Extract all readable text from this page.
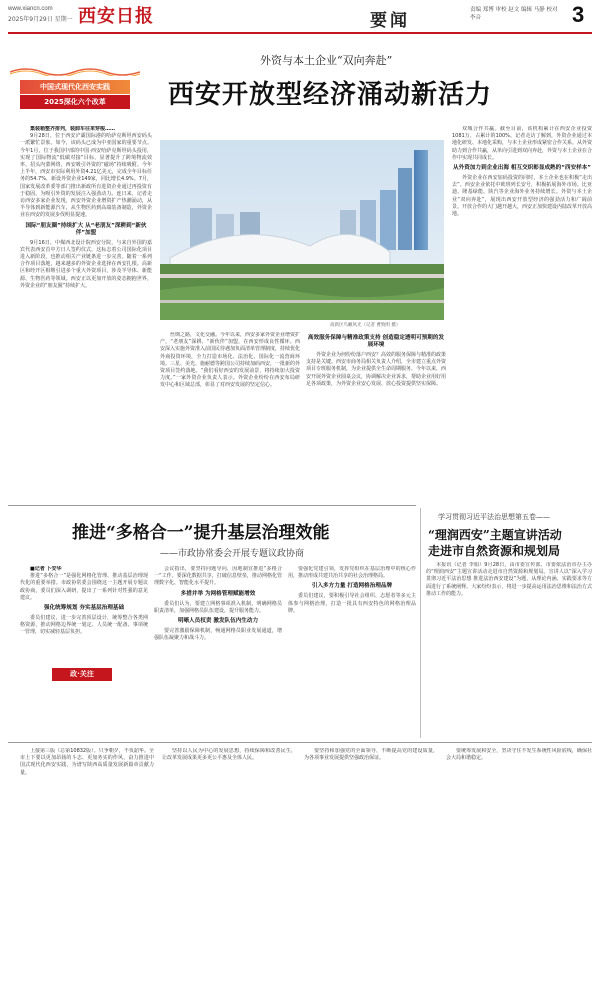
www.xiancn.com
2025年9月29日 星期一 西安日报	要闻
责编 郑博 审校 赵文 编辑 马静 校对 李音	3
中国式现代化西安实践
2025深化六个改革
外资与本土企业“双向奔赴”
西安开放型经济涌动新活力

集装箱整齐排列，装卸车往来穿梭……

9月28日，位于西安浐灞国际港的哈萨克斯坦西安码头一派繁忙景象。如今，该码头已成为中亚国家的重要节点。今年1月，位于我国中部的中国·西安哈萨克斯坦码头投用，实现了国际物流“低碳对接”目标，显著提升了跨境物流效率。招头内蒙网络，西安吸引外资的“磁场”持续吸附。今年上半年，西安市实际利用外资4.21亿美元，完成全年目标任务的54.7%，新设外资企业149家，同比增长4.9%。7月，国家发展改革委等部门推出新政所有进资企业通过再投资有于稳固。为吸引外资的发展注入强劲动力。连日来，记者走访西安多家企业发现，西安外资企业增资扩产热潮涌动，从半导体到新能源汽车，从生物医药到高端装备制造，外资企业在西安的发展步伐明显提速。

国际“朋友圈”持续扩大 从“老朋友”深耕到“新伙伴”加盟

9月16日，中煤西北设计院西安分院，与来自外国的嘉宾代表西安首中方日人签约仪式，这标志着公司国际化项目进入新阶段，也推动相关产业链条进一步完善。随着一系列合作项目落地，越来越多的外资企业选择在西安扎根。高新区和经开区相继引进多个重大外资项目，涉及半导体、新能源、生物医药等领域。西安正以更加开放的姿态拥抱世界，外资企业的“朋友圈”持续扩大。

高新区鸟瞰风光（记者 曹致明 摄）

双城合作共赢。截至目前，该机构累计在西安企业投资1081万，占累计的100%。记者走访了解到，外资企业通过本地化研发、本地化采购，与本土企业形成紧密合作关系。从外资助力到合作共赢，从单向引进到双向奔赴，外资与本土企业在合作中实现共同成长。

从外资加力到企业出海 相互交织彰显成熟的“西安样本”

外资企业在西安加码投资的同时，本土企业也在积极“走出去”。西安企业依托中欧班列长安号，积极拓展海外市场。比亚迪、隆基绿能、陕汽等企业海外业务持续增长。外资与本土企业“双向奔赴”，展现出西安开放型经济的强劲活力和广阔前景。开放合作的大门越开越大，西安正加快建设内陆改革开放高地。

丝绸之路，文化交融。今年以来，西安多家外资企业增资扩产，“老朋友”深耕、“新伙伴”加盟，在西安形成良性循环。西安深入实施外资准入前国民待遇加负面清单管理制度，持续优化外商投资环境，全力打造市场化、法治化、国际化一流营商环境。三星、美光、施耐德等跨国公司持续加码西安，一批新的外资项目签约落地。“我们看好西安的发展前景，将持续加大投资力度。”一家外资企业负责人表示。外资企业纷纷在西安布局研发中心和区域总部，彰显了对西安发展的坚定信心。

高效服务保障与精准政策支持 创造稳定透明可预期的发展环境

外资企业为何纷纷落户西安？高效的服务保障与精准的政策支持是关键。西安市商务局相关负责人介绍，全市建立重点外资项目专班服务机制，为企业提供全生命周期服务。今年以来，西安开展外资企业圆桌会议，协调解决企业诉求，帮助企业用好用足各项政策，为外资企业安心发展、放心投资提供坚实保障。

推进“多格合一”提升基层治理效能
——市政协常委会开展专题议政协商

■记者 卜安华

推进“多格合一”是强化网格化管理、推动基层治理现代化的重要举措。市政协常委会围绕这一主题开展专题议政协商，委员们深入调研，提出了一系列针对性强的意见建议。

强化统筹规划 夯实基层治理基础

委员们建议，进一步完善顶层设计，统筹整合各类网格资源，推动网格边界统一划定、人员统一配备、事项统一管理，切实减轻基层负担。

政·关注

会议指出，要坚持问题导向，因地制宜推进“多格合一”工作。要深化数据共享，打破信息壁垒，推动网格化管理数字化、智能化水平提升。

多措并举 为网格管理赋能增效

委员们认为，要建立网格事项准入机制，明确网格员职责清单，加强网格员队伍建设，提升服务能力。

明晰人员权责 激发队伍内生动力

要完善激励保障机制，畅通网格员职业发展通道，增强队伍凝聚力和战斗力。

要强化党建引领，发挥党组织在基层治理中的核心作用，推动形成共建共治共享的社会治理格局。

引入多方力量 打造网格治理品牌

委员们建议，要积极引导社会组织、志愿者等多元主体参与网格治理，打造一批具有西安特色的网格治理品牌。

学习贯彻习近平法治思想第五卷——
“理润西安”主题宣讲活动
走进市自然资源和规划局

本报讯（记者 李娟）9月28日，由市委宣传部、市委依法治市办主办的“理润西安”主题宣讲活动走进市自然资源和规划局。宣讲人以“深入学习贯彻习近平法治思想 推进法治西安建设”为题，从理论内涵、实践要求等方面进行了系统阐释。大家纷纷表示，将进一步提高运用法治思维和法治方式推动工作的能力。

上接第三版（总第10832版）。只争朝夕，不负韶华。全市上下要以更加昂扬的斗志、更加务实的作风，奋力推进中国式现代化西安实践，为谱写陕西高质量发展新篇章贡献力量。

坚持以人民为中心的发展思想，持续保障和改善民生，让改革发展成果更多更公平惠及全体人民。

要坚持和加强党的全面领导，不断提高党的建设质量，为各项事业发展提供坚强政治保证。

要统筹发展和安全，坚决守住不发生系统性风险底线，确保社会大局和谐稳定。
